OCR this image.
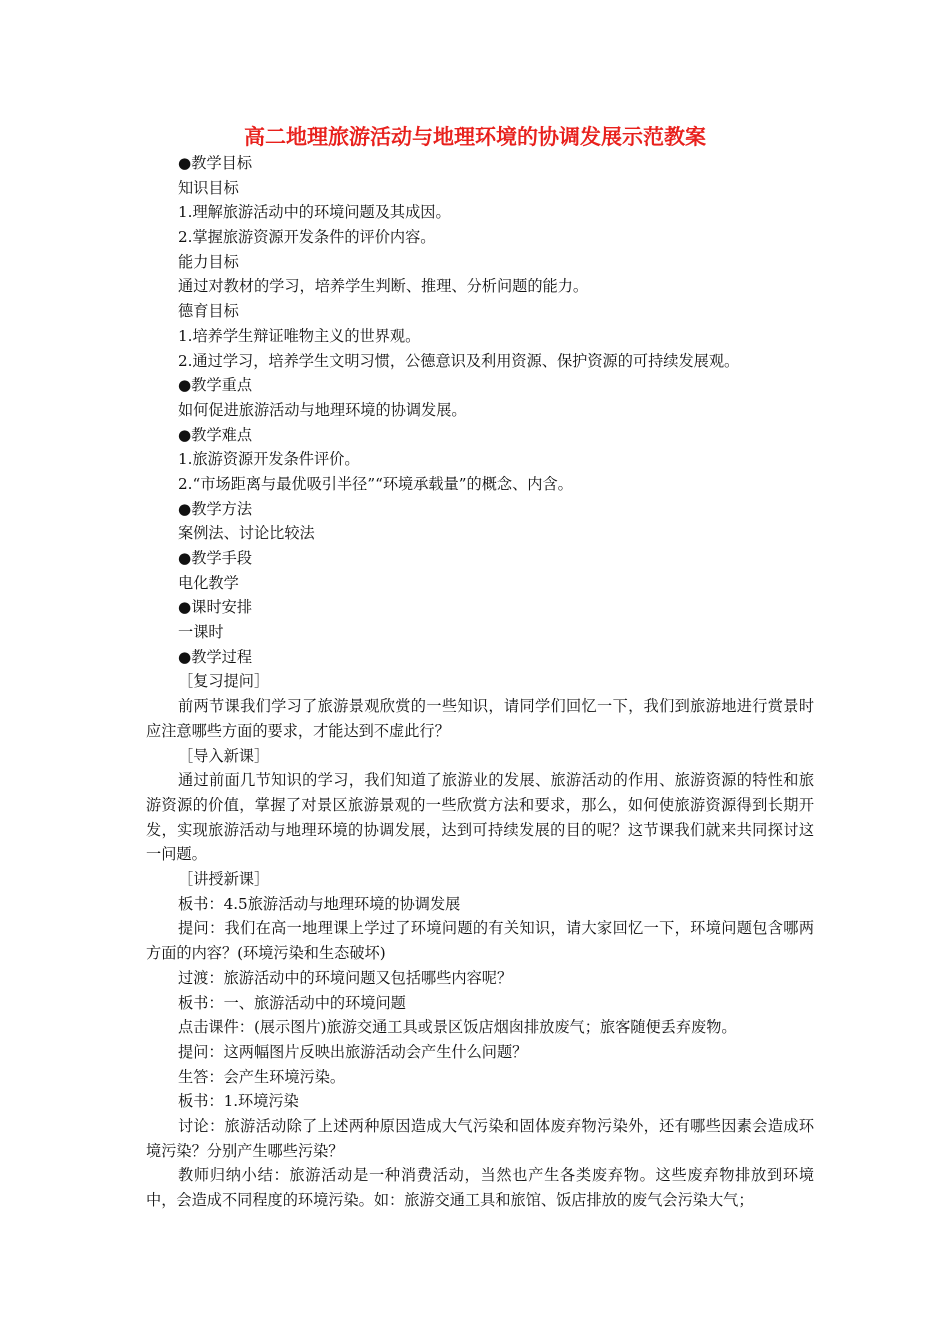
高二地理旅游活动与地理环境的协调发展示范教案
●教学目标
知识目标
1.理解旅游活动中的环境问题及其成因。
2.掌握旅游资源开发条件的评价内容。
能力目标
通过对教材的学习，培养学生判断、推理、分析问题的能力。
德育目标
1.培养学生辩证唯物主义的世界观。
2.通过学习，培养学生文明习惯，公德意识及利用资源、保护资源的可持续发展观。
●教学重点
如何促进旅游活动与地理环境的协调发展。
●教学难点
1.旅游资源开发条件评价。
2.“市场距离与最优吸引半径”“环境承载量”的概念、内含。
●教学方法
案例法、讨论比较法
●教学手段
电化教学
●课时安排
一课时
●教学过程
［复习提问］
前两节课我们学习了旅游景观欣赏的一些知识，请同学们回忆一下，我们到旅游地进行赏景时应注意哪些方面的要求，才能达到不虚此行？
［导入新课］
通过前面几节知识的学习，我们知道了旅游业的发展、旅游活动的作用、旅游资源的特性和旅游资源的价值，掌握了对景区旅游景观的一些欣赏方法和要求，那么，如何使旅游资源得到长期开发，实现旅游活动与地理环境的协调发展，达到可持续发展的目的呢？这节课我们就来共同探讨这一问题。
［讲授新课］
板书：4.5旅游活动与地理环境的协调发展
提问：我们在高一地理课上学过了环境问题的有关知识，请大家回忆一下，环境问题包含哪两方面的内容？(环境污染和生态破坏)
过渡：旅游活动中的环境问题又包括哪些内容呢？
板书：一、旅游活动中的环境问题
点击课件：(展示图片)旅游交通工具或景区饭店烟囱排放废气；旅客随便丢弃废物。
提问：这两幅图片反映出旅游活动会产生什么问题？
生答：会产生环境污染。
板书：1.环境污染
讨论：旅游活动除了上述两种原因造成大气污染和固体废弃物污染外，还有哪些因素会造成环境污染？分别产生哪些污染？
教师归纳小结：旅游活动是一种消费活动，当然也产生各类废弃物。这些废弃物排放到环境中，会造成不同程度的环境污染。如：旅游交通工具和旅馆、饭店排放的废气会污染大气；
